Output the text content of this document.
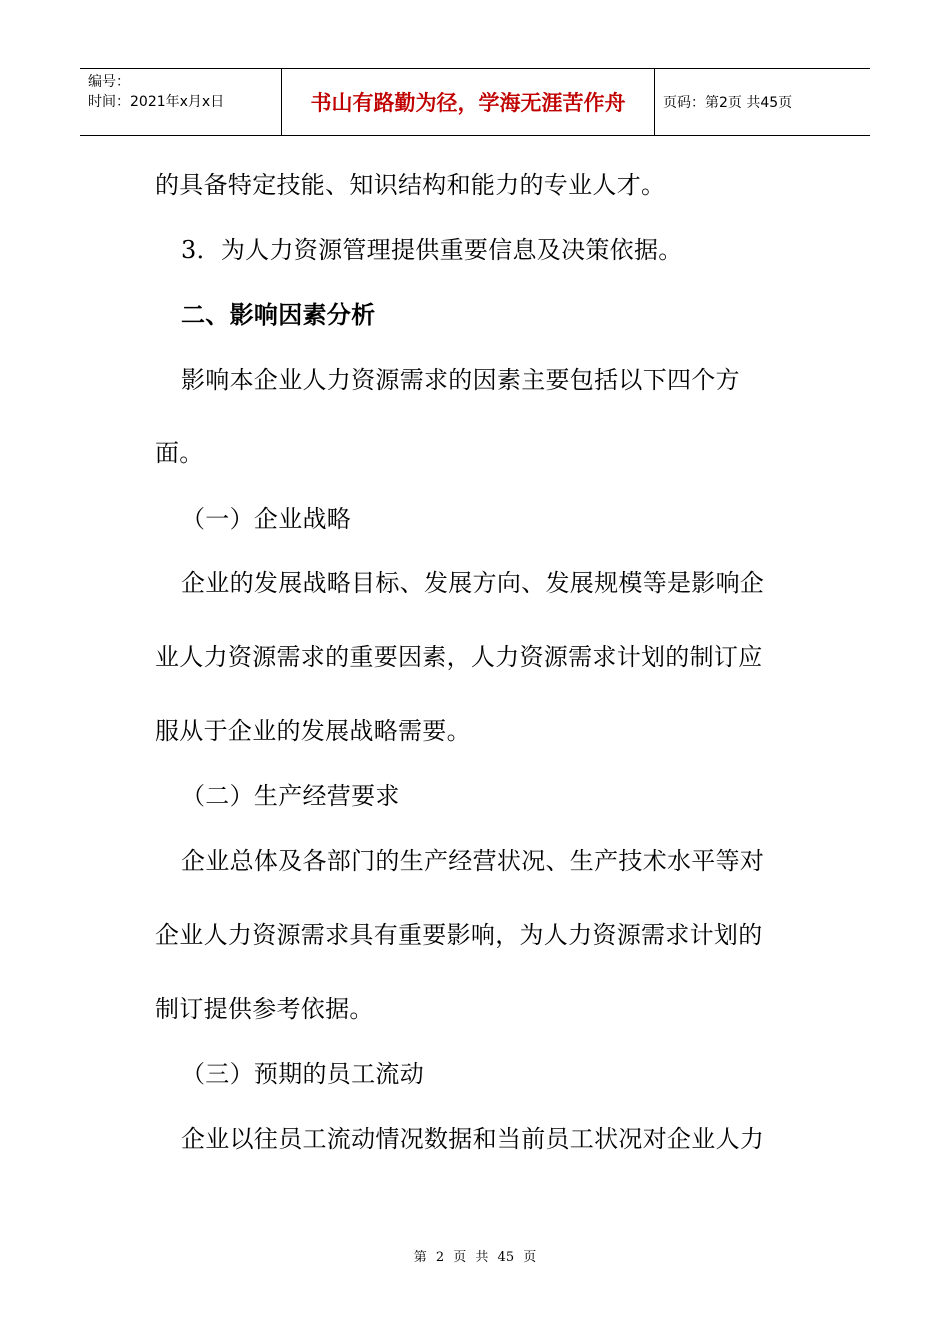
编号：
时间：2021年x月x日	书山有路勤为径，学海无涯苦作舟	页码：第2页 共45页
的具备特定技能、知识结构和能力的专业人才。
3．为人力资源管理提供重要信息及决策依据。
二、影响因素分析
影响本企业人力资源需求的因素主要包括以下四个方
面。
（一）企业战略
企业的发展战略目标、发展方向、发展规模等是影响企
业人力资源需求的重要因素，人力资源需求计划的制订应
服从于企业的发展战略需要。
（二）生产经营要求
企业总体及各部门的生产经营状况、生产技术水平等对
企业人力资源需求具有重要影响，为人力资源需求计划的
制订提供参考依据。
（三）预期的员工流动
企业以往员工流动情况数据和当前员工状况对企业人力
第 2 页 共 45 页
